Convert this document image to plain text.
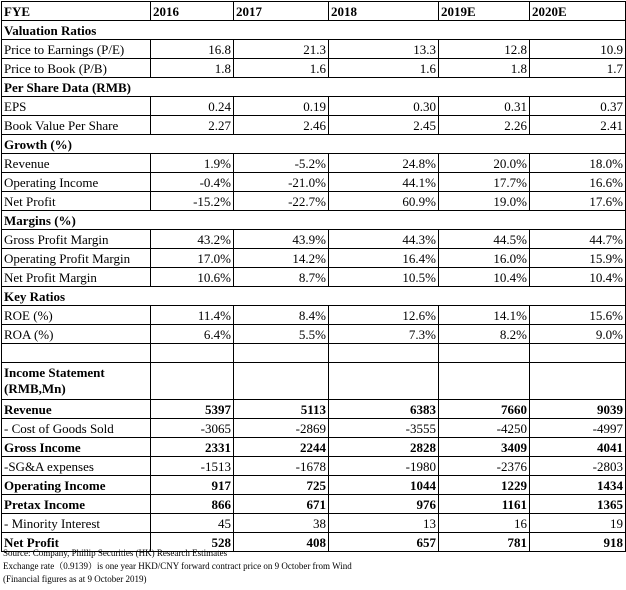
FYE	2016	2017	2018	2019E	2020E
Valuation Ratios					
Price to Earnings (P/E)	16.8	21.3	13.3	12.8	10.9
Price to Book (P/B)	1.8	1.6	1.6	1.8	1.7
Per Share Data (RMB)					
EPS	0.24	0.19	0.30	0.31	0.37
Book Value Per Share	2.27	2.46	2.45	2.26	2.41
Growth (%)					
Revenue	1.9%	-5.2%	24.8%	20.0%	18.0%
Operating Income	-0.4%	-21.0%	44.1%	17.7%	16.6%
Net Profit	-15.2%	-22.7%	60.9%	19.0%	17.6%
Margins (%)					
Gross Profit Margin	43.2%	43.9%	44.3%	44.5%	44.7%
Operating Profit Margin	17.0%	14.2%	16.4%	16.0%	15.9%
Net Profit Margin	10.6%	8.7%	10.5%	10.4%	10.4%
Key Ratios					
ROE (%)	11.4%	8.4%	12.6%	14.1%	15.6%
ROA (%)	6.4%	5.5%	7.3%	8.2%	9.0%

Income Statement (RMB,Mn)					
Revenue	5397	5113	6383	7660	9039
- Cost of Goods Sold	-3065	-2869	-3555	-4250	-4997
Gross Income	2331	2244	2828	3409	4041
-SG&A expenses	-1513	-1678	-1980	-2376	-2803
Operating Income	917	725	1044	1229	1434
Pretax Income	866	671	976	1161	1365
- Minority Interest	45	38	13	16	19
Net Profit	528	408	657	781	918
Source: Company, Phillip Securities (HK) Research Estimates
Exchange rate（0.9139）is one year HKD/CNY forward contract price on 9 October from Wind
(Financial figures as at 9 October 2019)
